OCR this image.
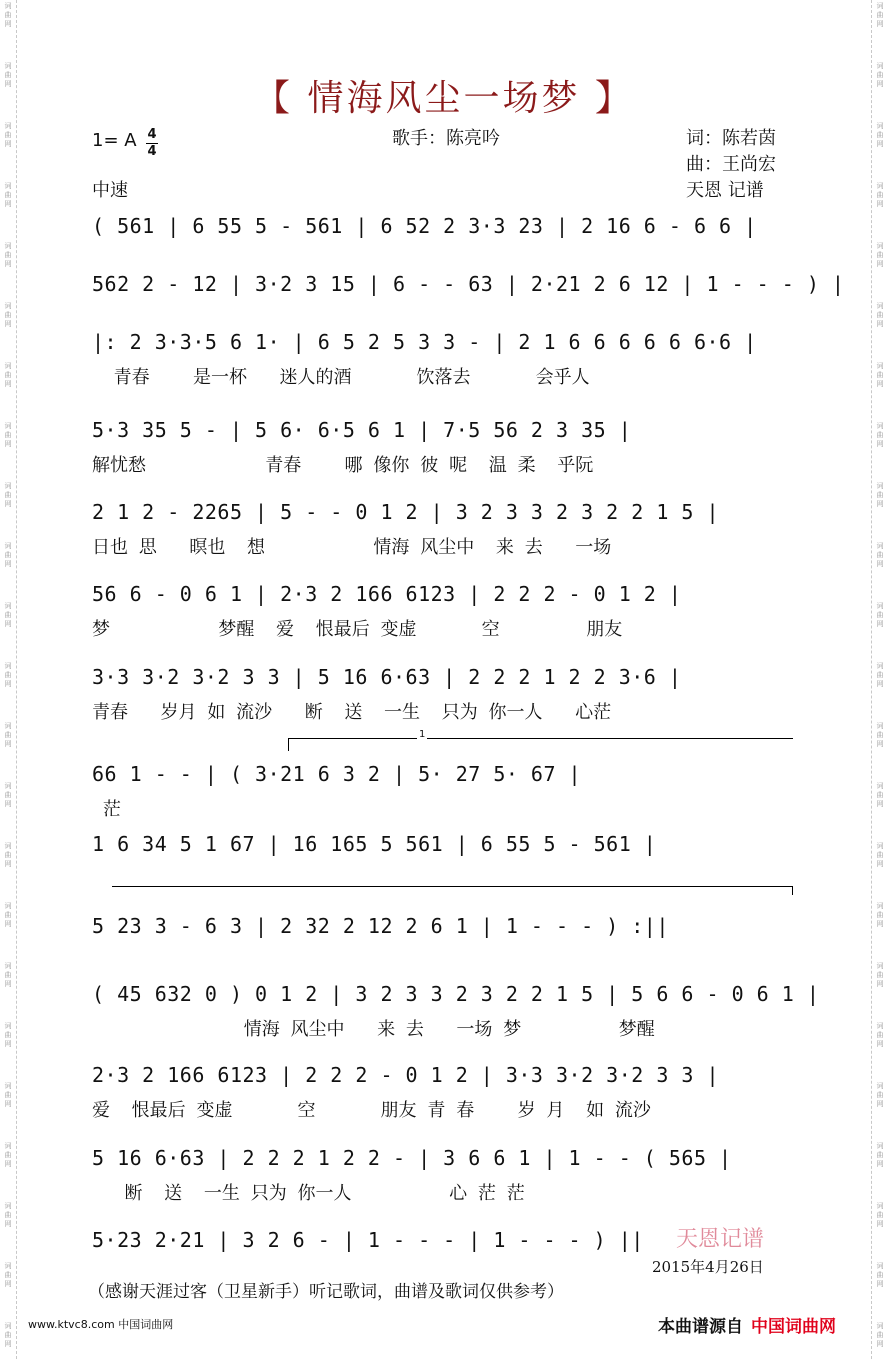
词曲网
词曲网
词曲网
词曲网
词曲网
词曲网
词曲网
词曲网
词曲网
词曲网
词曲网
词曲网
词曲网
词曲网
词曲网
词曲网
词曲网
词曲网
词曲网
词曲网
词曲网
词曲网
词曲网
词曲网
词曲网
词曲网
词曲网
词曲网
词曲网
词曲网
词曲网
词曲网
词曲网
词曲网
词曲网
词曲网
词曲网
词曲网
词曲网
词曲网
词曲网
词曲网
词曲网
词曲网
词曲网
词曲网
【 情海风尘一场梦 】
1= A 4
4
中速
歌手：陈亮吟	词：陈若茵
曲：王尚宏
天恩 记谱
( 561 | 6 55 5 - 561 | 6 52 2 3·3 23 | 2 16 6 - 6 6 |
562 2 - 12 | 3·2 3 15 | 6 - - 63 | 2·21 2 6 12 | 1 - - - ) |
|: 2 3·3·5 6 1· | 6 5 2 5 3 3 - | 2 1 6 6 6 6 6 6·6 |
青春    是一杯   迷人的酒      饮落去      会乎人
5·3 35 5 - | 5 6· 6·5 6 1 | 7·5 56 2 3 35 |
解忧愁           青春    哪 像你 彼 呢  温 柔  乎阮
2 1 2 - 2265 | 5 - - 0 1 2 | 3 2 3 3 2 3 2 2 1 5 |
日也 思   暝也  想          情海 风尘中  来 去   一场
56 6 - 0 6 1 | 2·3 2 166 6123 | 2 2 2 - 0 1 2 |
梦          梦醒  爱  恨最后 变虚      空        朋友
3·3 3·2 3·2 3 3 | 5 16 6·63 | 2 2 2 1 2 2 3·6 |
青春   岁月 如 流沙   断  送  一生  只为 你一人   心茫
66 1 - - | ( 3·21 6 3 2 | 5· 27 5· 67 |
茫
1 6 34 5 1 67 | 16 165 5 561 | 6 55 5 - 561 |
5 23 3 - 6 3 | 2 32 2 12 2 6 1 | 1 - - - ) :||
( 45 632 0 ) 0 1 2 | 3 2 3 3 2 3 2 2 1 5 | 5 6 6 - 0 6 1 |
情海 风尘中   来 去   一场 梦         梦醒
2·3 2 166 6123 | 2 2 2 - 0 1 2 | 3·3 3·2 3·2 3 3 |
爱  恨最后 变虚      空      朋友 青 春    岁 月  如 流沙
5 16 6·63 | 2 2 2 1 2 2 - | 3 6 6 1 | 1 - - ( 565 |
断  送  一生 只为 你一人         心 茫 茫
5·23 2·21 | 3 2 6 - | 1 - - - | 1 - - - ) ||
1
天恩记谱
2015年4月26日
（感谢天涯过客（卫星新手）听记歌词，曲谱及歌词仅供参考）
www.ktvc8.com 中国词曲网	本曲谱源自 中国词曲网
